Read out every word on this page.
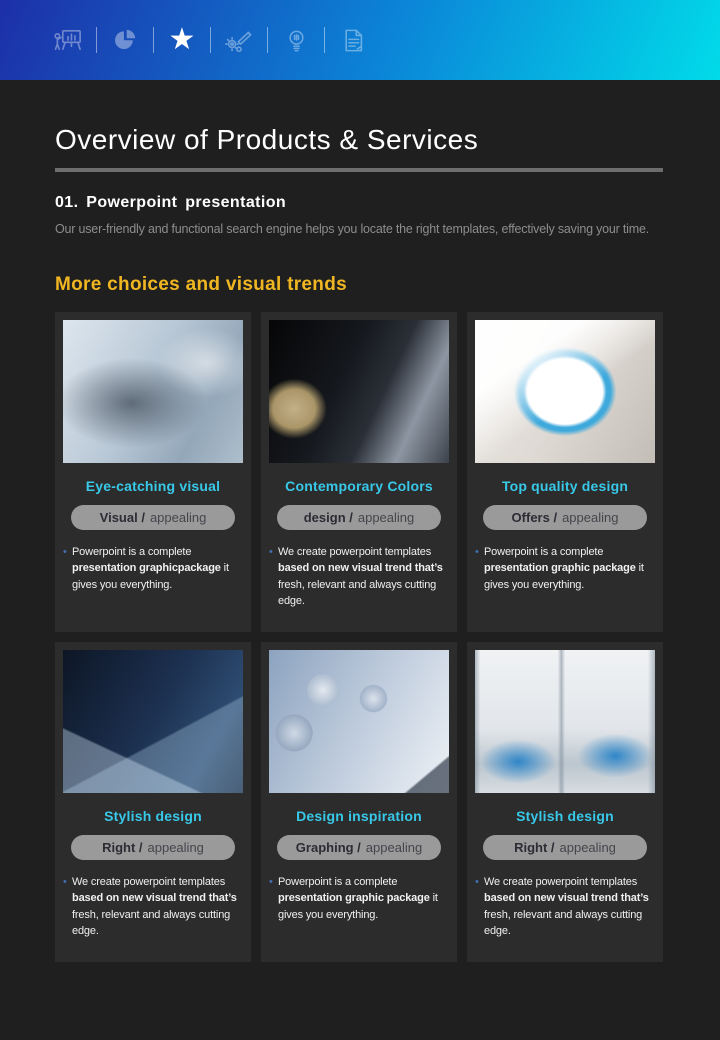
★
Overview of Products & Services
01. Powerpoint presentation
Our user-friendly and functional search engine helps you locate the right templates, effectively saving your time.
More choices and visual trends
Eye-catching visual
Visual / appealing
• Powerpoint is a complete presentation graphicpackage it gives you everything.
Contemporary Colors
design / appealing
• We create powerpoint templates based on new visual trend that’s fresh, relevant and always cutting edge.
Top quality design
Offers / appealing
• Powerpoint is a complete presentation graphic package it gives you everything.
Stylish design
Right / appealing
• We create powerpoint templates based on new visual trend that’s fresh, relevant and always cutting edge.
Design inspiration
Graphing / appealing
• Powerpoint is a complete presentation graphic package it gives you everything.
Stylish design
Right / appealing
• We create powerpoint templates based on new visual trend that’s fresh, relevant and always cutting edge.
